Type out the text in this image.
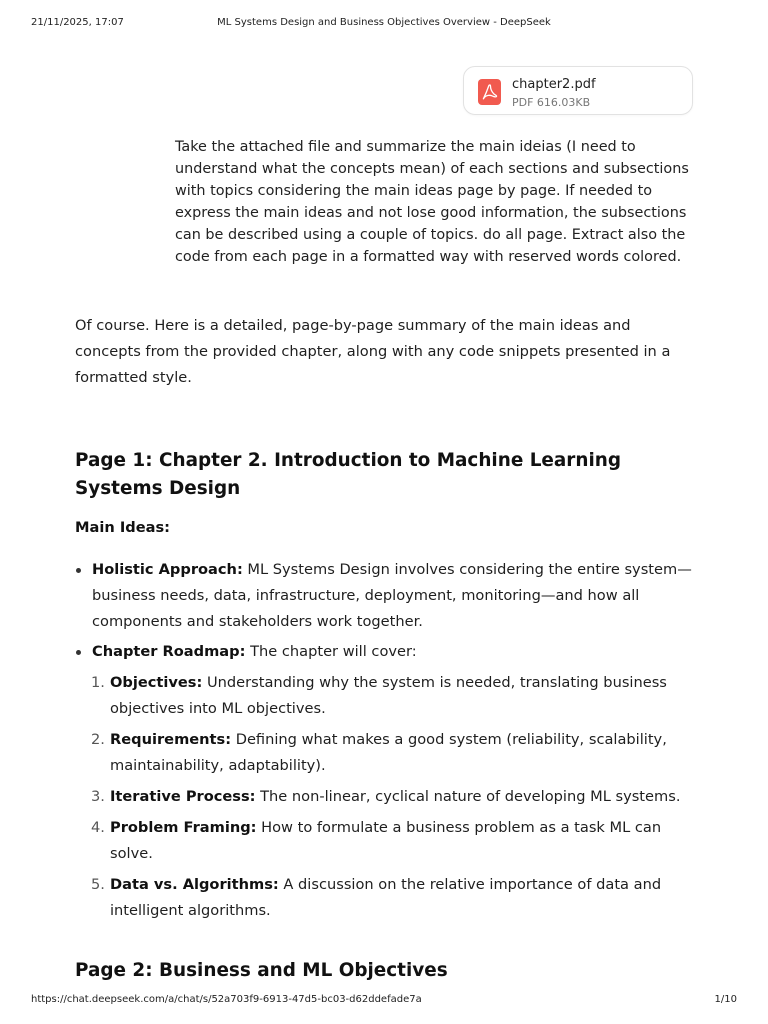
21/11/2025, 17:07	ML Systems Design and Business Objectives Overview - DeepSeek
chapter2.pdf
PDF 616.03KB

Take the attached file and summarize the main ideias (I need to understand what the concepts mean) of each sections and subsections with topics considering the main ideas page by page. If needed to express the main ideas and not lose good information, the subsections can be described using a couple of topics. do all page. Extract also the code from each page in a formatted way with reserved words colored.

Of course. Here is a detailed, page-by-page summary of the main ideas and concepts from the provided chapter, along with any code snippets presented in a formatted style.

Page 1: Chapter 2. Introduction to Machine Learning Systems Design

Main Ideas:

Holistic Approach: ML Systems Design involves considering the entire system—business needs, data, infrastructure, deployment, monitoring—and how all components and stakeholders work together.
Chapter Roadmap: The chapter will cover:
1. Objectives: Understanding why the system is needed, translating business objectives into ML objectives.
2. Requirements: Defining what makes a good system (reliability, scalability, maintainability, adaptability).
3. Iterative Process: The non-linear, cyclical nature of developing ML systems.
4. Problem Framing: How to formulate a business problem as a task ML can solve.
5. Data vs. Algorithms: A discussion on the relative importance of data and intelligent algorithms.
Page 2: Business and ML Objectives
https://chat.deepseek.com/a/chat/s/52a703f9-6913-47d5-bc03-d62ddefade7a	1/10
